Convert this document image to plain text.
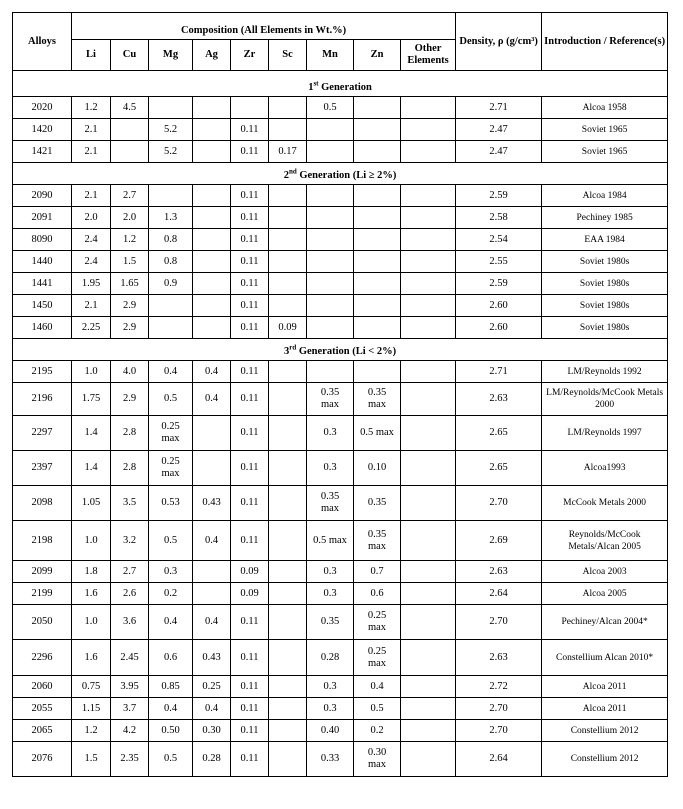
Alloys	Composition (All Elements in Wt.%)									Density, ρ (g/cm³)	Introduction / Reference(s)
	Li	Cu	Mg	Ag	Zr	Sc	Mn	Zn	Other Elements		
1st Generation											
2020	1.2	4.5					0.5			2.71	Alcoa 1958
1420	2.1		5.2		0.11					2.47	Soviet 1965
1421	2.1		5.2		0.11	0.17				2.47	Soviet 1965
2nd Generation (Li ≥ 2%)											
2090	2.1	2.7			0.11					2.59	Alcoa 1984
2091	2.0	2.0	1.3		0.11					2.58	Pechiney 1985
8090	2.4	1.2	0.8		0.11					2.54	EAA 1984
1440	2.4	1.5	0.8		0.11					2.55	Soviet 1980s
1441	1.95	1.65	0.9		0.11					2.59	Soviet 1980s
1450	2.1	2.9			0.11					2.60	Soviet 1980s
1460	2.25	2.9			0.11	0.09				2.60	Soviet 1980s
3rd Generation (Li < 2%)											
2195	1.0	4.0	0.4	0.4	0.11					2.71	LM/Reynolds 1992
2196	1.75	2.9	0.5	0.4	0.11		0.35 max	0.35 max		2.63	LM/Reynolds/McCook Metals 2000
2297	1.4	2.8	0.25 max		0.11		0.3	0.5 max		2.65	LM/Reynolds 1997
2397	1.4	2.8	0.25 max		0.11		0.3	0.10		2.65	Alcoa1993
2098	1.05	3.5	0.53	0.43	0.11		0.35 max	0.35		2.70	McCook Metals 2000
2198	1.0	3.2	0.5	0.4	0.11		0.5 max	0.35 max		2.69	Reynolds/McCook Metals/Alcan 2005
2099	1.8	2.7	0.3		0.09		0.3	0.7		2.63	Alcoa 2003
2199	1.6	2.6	0.2		0.09		0.3	0.6		2.64	Alcoa 2005
2050	1.0	3.6	0.4	0.4	0.11		0.35	0.25 max		2.70	Pechiney/Alcan 2004*
2296	1.6	2.45	0.6	0.43	0.11		0.28	0.25 max		2.63	Constellium Alcan 2010*
2060	0.75	3.95	0.85	0.25	0.11		0.3	0.4		2.72	Alcoa 2011
2055	1.15	3.7	0.4	0.4	0.11		0.3	0.5		2.70	Alcoa 2011
2065	1.2	4.2	0.50	0.30	0.11		0.40	0.2		2.70	Constellium 2012
2076	1.5	2.35	0.5	0.28	0.11		0.33	0.30 max		2.64	Constellium 2012
